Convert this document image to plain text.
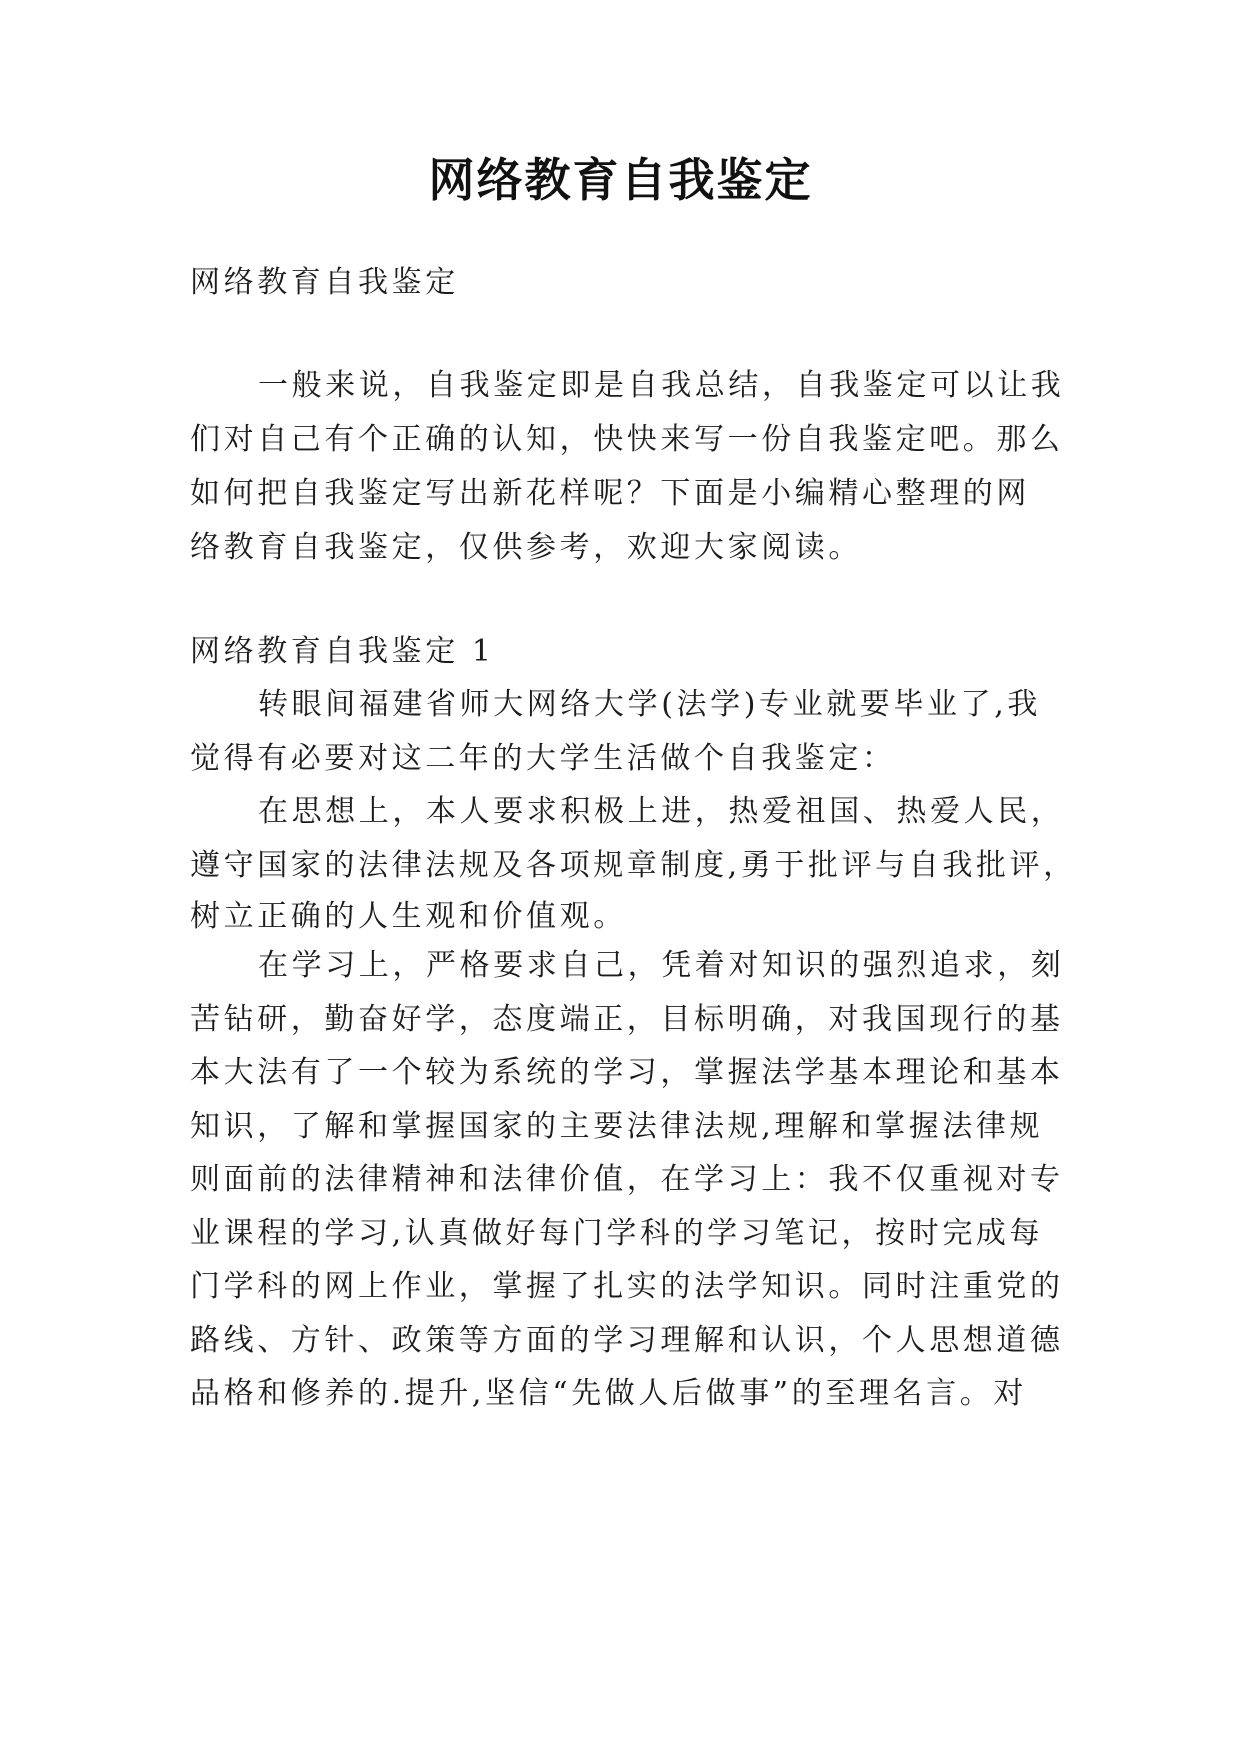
网络教育自我鉴定
网络教育自我鉴定
一般来说，自我鉴定即是自我总结，自我鉴定可以让我
们对自己有个正确的认知，快快来写一份自我鉴定吧。那么
如何把自我鉴定写出新花样呢？下面是小编精心整理的网
络教育自我鉴定，仅供参考，欢迎大家阅读。
网络教育自我鉴定 1
转眼间福建省师大网络大学(法学)专业就要毕业了,我
觉得有必要对这二年的大学生活做个自我鉴定：
在思想上，本人要求积极上进，热爱祖国、热爱人民，
遵守国家的法律法规及各项规章制度,勇于批评与自我批评，
树立正确的人生观和价值观。
在学习上，严格要求自己，凭着对知识的强烈追求，刻
苦钻研，勤奋好学，态度端正，目标明确，对我国现行的基
本大法有了一个较为系统的学习，掌握法学基本理论和基本
知识，了解和掌握国家的主要法律法规,理解和掌握法律规
则面前的法律精神和法律价值，在学习上：我不仅重视对专
业课程的学习,认真做好每门学科的学习笔记，按时完成每
门学科的网上作业，掌握了扎实的法学知识。同时注重党的
路线、方针、政策等方面的学习理解和认识，个人思想道德
品格和修养的.提升,坚信“先做人后做事”的至理名言。对
